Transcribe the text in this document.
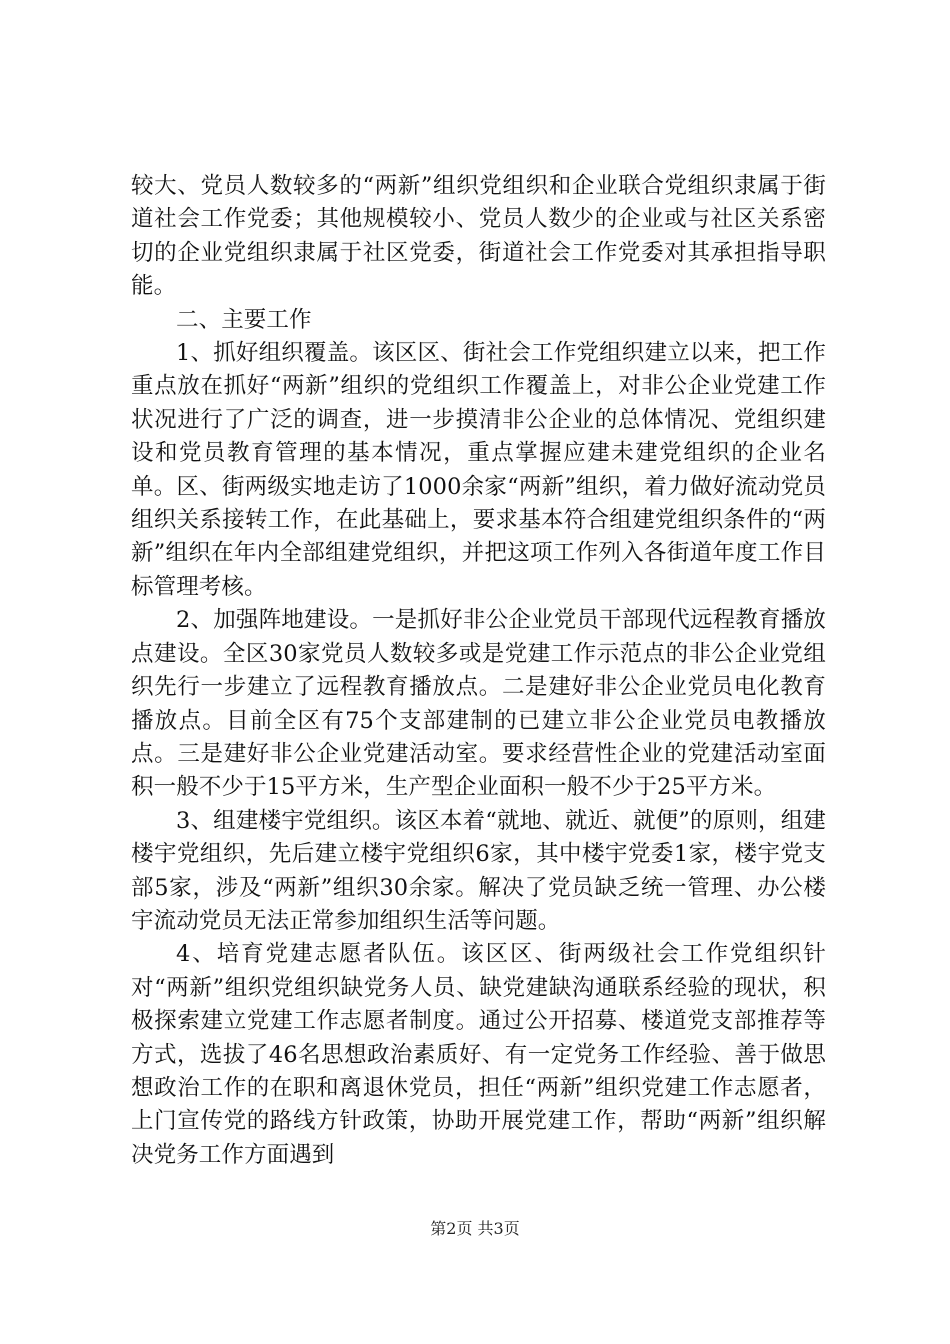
较大、党员人数较多的“两新”组织党组织和企业联合党组织隶属于街道社会工作党委；其他规模较小、党员人数少的企业或与社区关系密切的企业党组织隶属于社区党委，街道社会工作党委对其承担指导职能。

二、主要工作

1、抓好组织覆盖。该区区、街社会工作党组织建立以来，把工作重点放在抓好“两新”组织的党组织工作覆盖上，对非公企业党建工作状况进行了广泛的调查，进一步摸清非公企业的总体情况、党组织建设和党员教育管理的基本情况，重点掌握应建未建党组织的企业名单。区、街两级实地走访了1000余家“两新”组织，着力做好流动党员组织关系接转工作，在此基础上，要求基本符合组建党组织条件的“两新”组织在年内全部组建党组织，并把这项工作列入各街道年度工作目标管理考核。

2、加强阵地建设。一是抓好非公企业党员干部现代远程教育播放点建设。全区30家党员人数较多或是党建工作示范点的非公企业党组织先行一步建立了远程教育播放点。二是建好非公企业党员电化教育播放点。目前全区有75个支部建制的已建立非公企业党员电教播放点。三是建好非公企业党建活动室。要求经营性企业的党建活动室面积一般不少于15平方米，生产型企业面积一般不少于25平方米。

3、组建楼宇党组织。该区本着“就地、就近、就便”的原则，组建楼宇党组织，先后建立楼宇党组织6家，其中楼宇党委1家，楼宇党支部5家，涉及“两新”组织30余家。解决了党员缺乏统一管理、办公楼宇流动党员无法正常参加组织生活等问题。

4、培育党建志愿者队伍。该区区、街两级社会工作党组织针对“两新”组织党组织缺党务人员、缺党建缺沟通联系经验的现状，积极探索建立党建工作志愿者制度。通过公开招募、楼道党支部推荐等方式，选拔了46名思想政治素质好、有一定党务工作经验、善于做思想政治工作的在职和离退休党员，担任“两新”组织党建工作志愿者，上门宣传党的路线方针政策，协助开展党建工作，帮助“两新”组织解决党务工作方面遇到

第2页 共3页
